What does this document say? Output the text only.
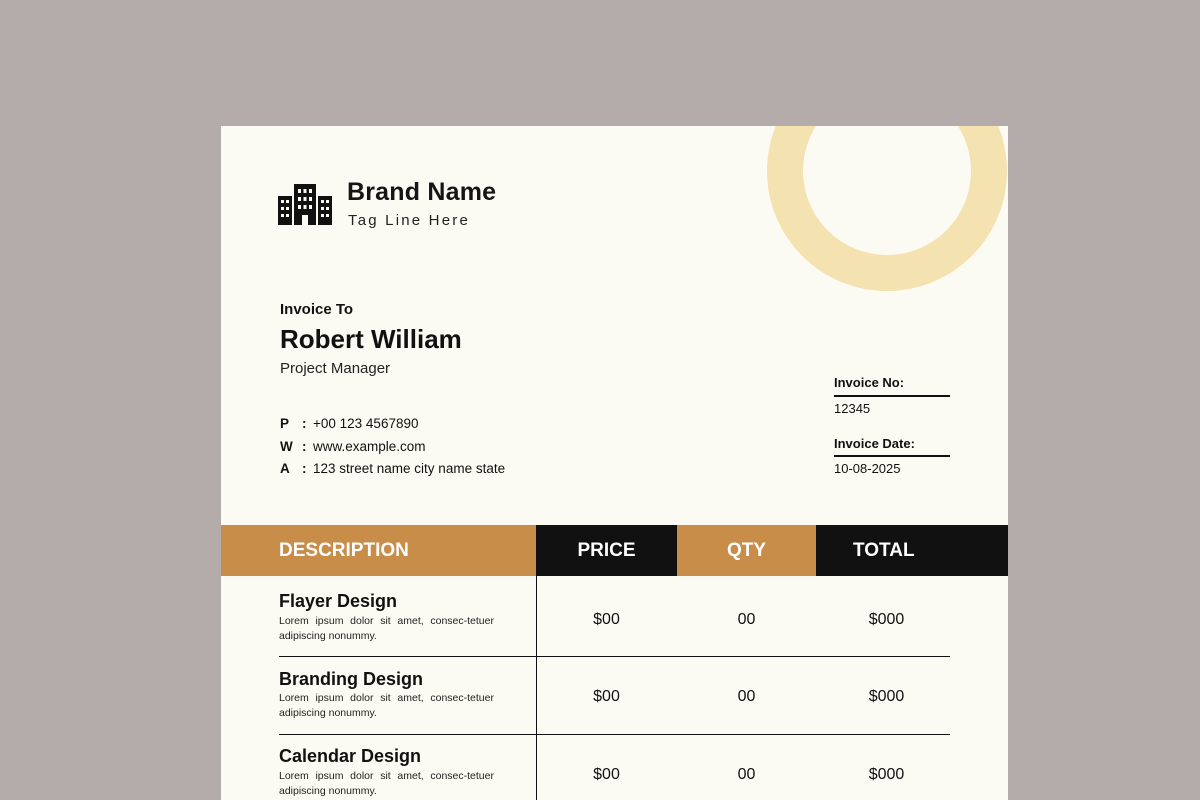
Brand Name
Tag Line Here
Invoice To
Robert William
Project Manager
P : +00 123 4567890
W : www.example.com
A : 123 street name city name state
Invoice No:
12345
Invoice Date:
10-08-2025
DESCRIPTION	PRICE	QTY	TOTAL
Flayer Design
Lorem ipsum dolor sit amet, consec-tetuer adipiscing nonummy.
$00	00	$000
Branding Design
Lorem ipsum dolor sit amet, consec-tetuer adipiscing nonummy.
$00	00	$000
Calendar Design
Lorem ipsum dolor sit amet, consec-tetuer adipiscing nonummy.
$00	00	$000
